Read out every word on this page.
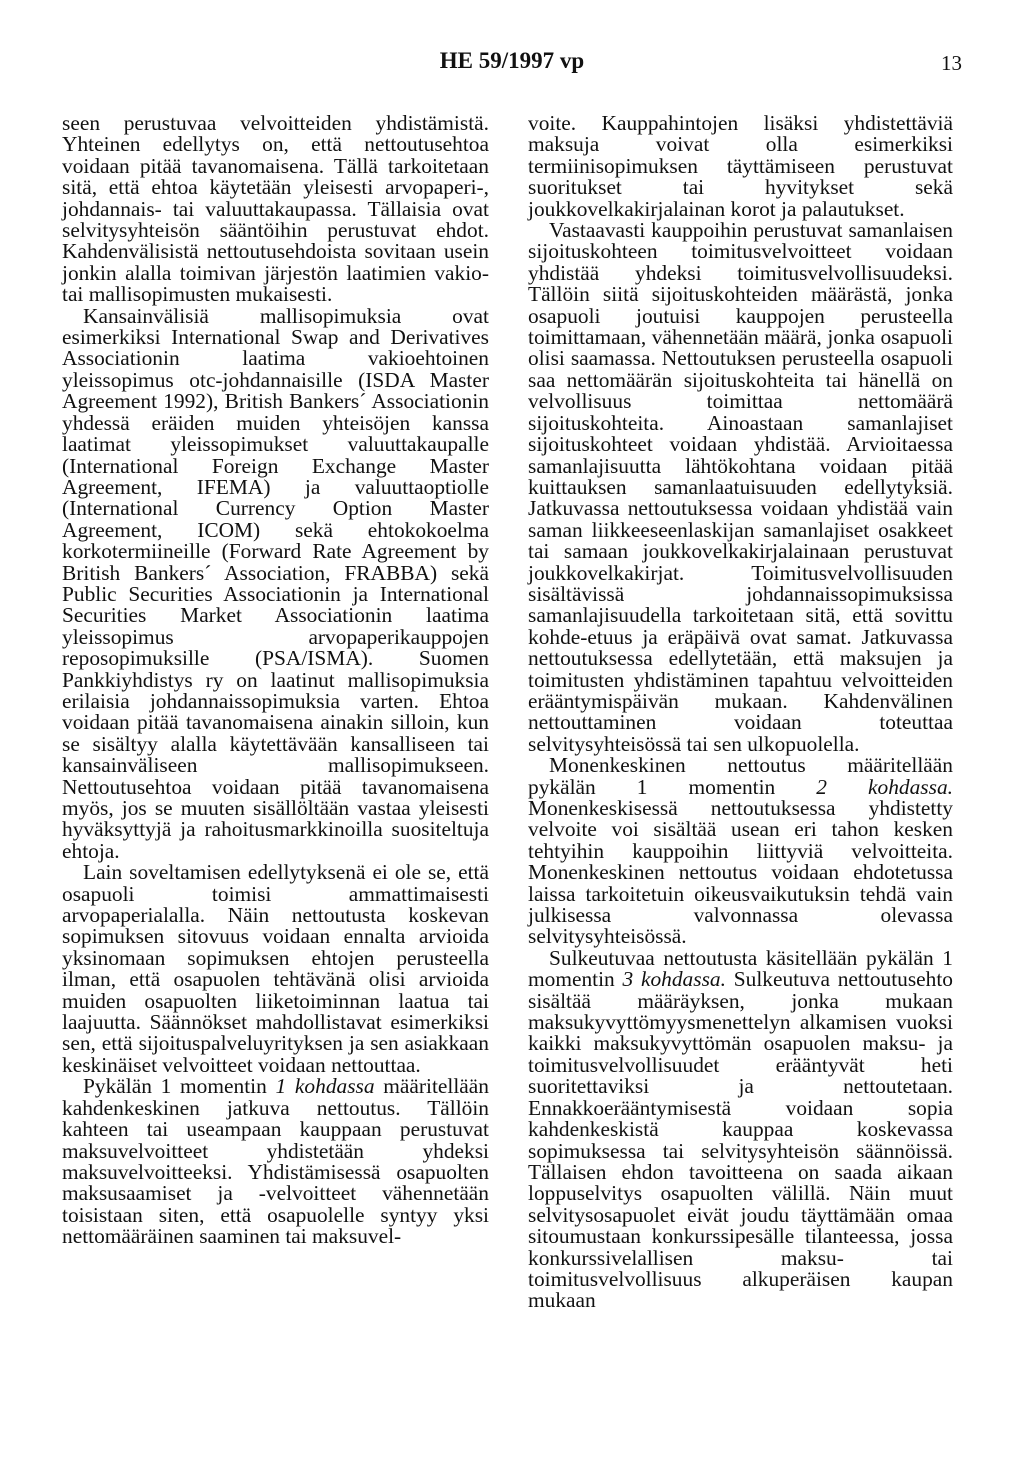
HE 59/1997 vp	13

seen perustuvaa velvoitteiden yhdistämistä. Yhteinen edellytys on, että nettoutusehtoa voidaan pitää tavanomaisena. Tällä tarkoitetaan sitä, että ehtoa käytetään yleisesti arvopaperi-, johdannais- tai valuuttakaupassa. Tällaisia ovat selvitysyhteisön sääntöihin perustuvat ehdot. Kahdenvälisistä nettoutusehdoista sovitaan usein jonkin alalla toimivan järjestön laatimien vakio- tai mallisopimusten mukaisesti.

Kansainvälisiä mallisopimuksia ovat esimerkiksi International Swap and Derivatives Associationin laatima vakioehtoinen yleissopimus otc-johdannaisille (ISDA Master Agreement 1992), British Bankers´ Associationin yhdessä eräiden muiden yhteisöjen kanssa laatimat yleissopimukset valuuttakaupalle (International Foreign Exchange Master Agreement, IFEMA) ja valuuttaoptiolle (International Currency Option Master Agreement, ICOM) sekä ehtokokoelma korkotermiineille (Forward Rate Agreement by British Bankers´ Association, FRABBA) sekä Public Securities Associationin ja International Securities Market Associationin laatima yleissopimus arvopaperikauppojen reposopimuksille (PSA/ISMA). Suomen Pankkiyhdistys ry on laatinut mallisopimuksia erilaisia johdannaissopimuksia varten. Ehtoa voidaan pitää tavanomaisena ainakin silloin, kun se sisältyy alalla käytettävään kansalliseen tai kansainväliseen mallisopimukseen. Nettoutusehtoa voidaan pitää tavanomaisena myös, jos se muuten sisällöltään vastaa yleisesti hyväksyttyjä ja rahoitusmarkkinoilla suositeltuja ehtoja.

Lain soveltamisen edellytyksenä ei ole se, että osapuoli toimisi ammattimaisesti arvopaperialalla. Näin nettoutusta koskevan sopimuksen sitovuus voidaan ennalta arvioida yksinomaan sopimuksen ehtojen perusteella ilman, että osapuolen tehtävänä olisi arvioida muiden osapuolten liiketoiminnan laatua tai laajuutta. Säännökset mahdollistavat esimerkiksi sen, että sijoituspalveluyrityksen ja sen asiakkaan keskinäiset velvoitteet voidaan nettouttaa.

Pykälän 1 momentin 1 kohdassa määritellään kahdenkeskinen jatkuva nettoutus. Tällöin kahteen tai useampaan kauppaan perustuvat maksuvelvoitteet yhdistetään yhdeksi maksuvelvoitteeksi. Yhdistämisessä osapuolten maksusaamiset ja -velvoitteet vähennetään toisistaan siten, että osapuolelle syntyy yksi nettomääräinen saaminen tai maksuvel-

voite. Kauppahintojen lisäksi yhdistettäviä maksuja voivat olla esimerkiksi termiinisopimuksen täyttämiseen perustuvat suoritukset tai hyvitykset sekä joukkovelkakirjalainan korot ja palautukset.

Vastaavasti kauppoihin perustuvat samanlaisen sijoituskohteen toimitusvelvoitteet voidaan yhdistää yhdeksi toimitusvelvollisuudeksi. Tällöin siitä sijoituskohteiden määrästä, jonka osapuoli joutuisi kauppojen perusteella toimittamaan, vähennetään määrä, jonka osapuoli olisi saamassa. Nettoutuksen perusteella osapuoli saa nettomäärän sijoituskohteita tai hänellä on velvollisuus toimittaa nettomäärä sijoituskohteita. Ainoastaan samanlajiset sijoituskohteet voidaan yhdistää. Arvioitaessa samanlajisuutta lähtökohtana voidaan pitää kuittauksen samanlaatuisuuden edellytyksiä. Jatkuvassa nettoutuksessa voidaan yhdistää vain saman liikkeeseenlaskijan samanlajiset osakkeet tai samaan joukkovelkakirjalainaan perustuvat joukkovelkakirjat. Toimitusvelvollisuuden sisältävissä johdannaissopimuksissa samanlajisuudella tarkoitetaan sitä, että sovittu kohde-etuus ja eräpäivä ovat samat. Jatkuvassa nettoutuksessa edellytetään, että maksujen ja toimitusten yhdistäminen tapahtuu velvoitteiden erääntymispäivän mukaan. Kahdenvälinen nettouttaminen voidaan toteuttaa selvitysyhteisössä tai sen ulkopuolella.

Monenkeskinen nettoutus määritellään pykälän 1 momentin 2 kohdassa. Monenkeskisessä nettoutuksessa yhdistetty velvoite voi sisältää usean eri tahon kesken tehtyihin kauppoihin liittyviä velvoitteita. Monenkeskinen nettoutus voidaan ehdotetussa laissa tarkoitetuin oikeusvaikutuksin tehdä vain julkisessa valvonnassa olevassa selvitysyhteisössä.

Sulkeutuvaa nettoutusta käsitellään pykälän 1 momentin 3 kohdassa. Sulkeutuva nettoutusehto sisältää määräyksen, jonka mukaan maksukyvyttömyysmenettelyn alkamisen vuoksi kaikki maksukyvyttömän osapuolen maksu- ja toimitusvelvollisuudet erääntyvät heti suoritettaviksi ja nettoutetaan. Ennakkoerääntymisestä voidaan sopia kahdenkeskistä kauppaa koskevassa sopimuksessa tai selvitysyhteisön säännöissä. Tällaisen ehdon tavoitteena on saada aikaan loppuselvitys osapuolten välillä. Näin muut selvitysosapuolet eivät joudu täyttämään omaa sitoumustaan konkurssipesälle tilanteessa, jossa konkurssivelallisen maksu- tai toimitusvelvollisuus alkuperäisen kaupan mukaan
